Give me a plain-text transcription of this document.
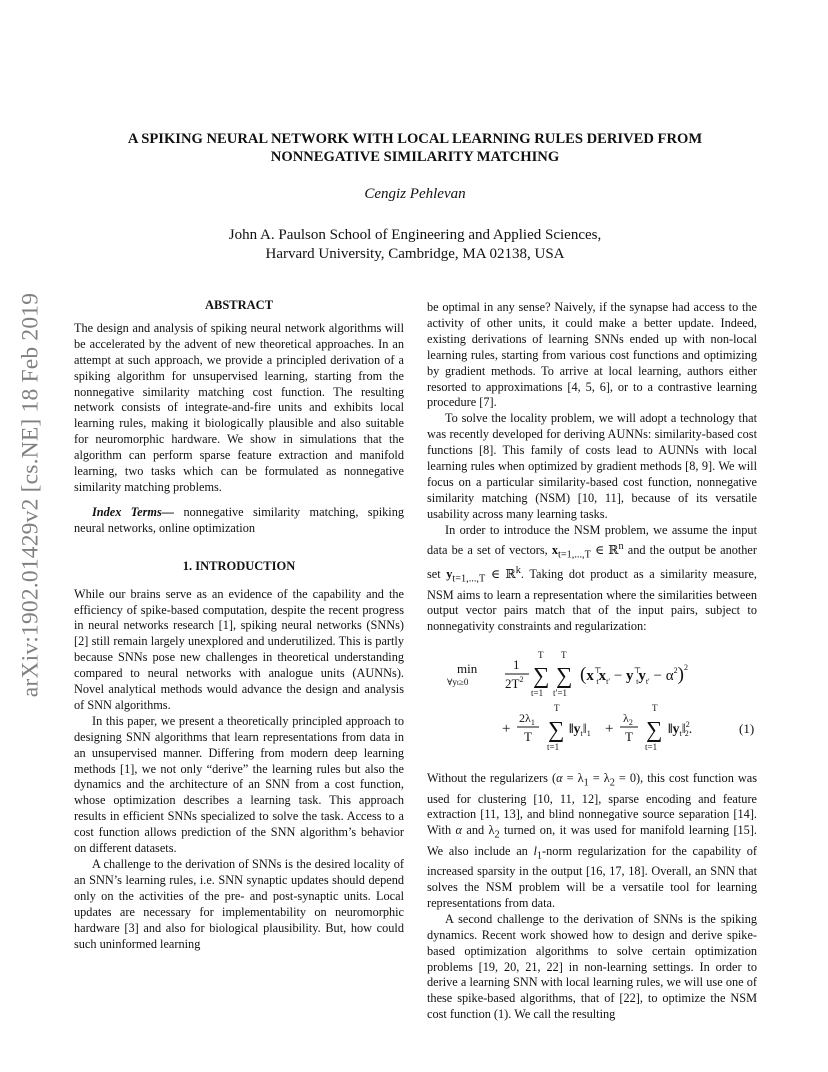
arXiv:1902.01429v2 [cs.NE] 18 Feb 2019
A SPIKING NEURAL NETWORK WITH LOCAL LEARNING RULES DERIVED FROM
NONNEGATIVE SIMILARITY MATCHING
Cengiz Pehlevan
John A. Paulson School of Engineering and Applied Sciences,
Harvard University, Cambridge, MA 02138, USA
ABSTRACT

The design and analysis of spiking neural network algorithms will be accelerated by the advent of new theoretical approaches. In an attempt at such approach, we provide a principled derivation of a spiking algorithm for unsupervised learning, starting from the nonnegative similarity matching cost function. The resulting network consists of integrate-and-fire units and exhibits local learning rules, making it biologically plausible and also suitable for neuromorphic hardware. We show in simulations that the algorithm can perform sparse feature extraction and manifold learning, two tasks which can be formulated as nonnegative similarity matching problems.

Index Terms— nonnegative similarity matching, spiking neural networks, online optimization

1. INTRODUCTION

While our brains serve as an evidence of the capability and the efficiency of spike-based computation, despite the recent progress in neural networks research [1], spiking neural networks (SNNs) [2] still remain largely unexplored and underutilized. This is partly because SNNs pose new challenges in theoretical understanding compared to neural networks with analogue units (AUNNs). Novel analytical methods would advance the design and analysis of SNN algorithms.

In this paper, we present a theoretically principled approach to designing SNN algorithms that learn representations from data in an unsupervised manner. Differing from modern deep learning methods [1], we not only “derive” the learning rules but also the dynamics and the architecture of an SNN from a cost function, whose optimization describes a learning task. This approach results in efficient SNNs specialized to solve the task. Access to a cost function allows prediction of the SNN algorithm’s behavior on different datasets.

A challenge to the derivation of SNNs is the desired locality of an SNN’s learning rules, i.e. SNN synaptic updates should depend only on the activities of the pre- and post-synaptic units. Local updates are necessary for implementability on neuromorphic hardware [3] and also for biological plausibility. But, how could such uninformed learning

be optimal in any sense? Naively, if the synapse had access to the activity of other units, it could make a better update. Indeed, existing derivations of learning SNNs ended up with non-local learning rules, starting from various cost functions and optimizing by gradient methods. To arrive at local learning, authors either resorted to approximations [4, 5, 6], or to a contrastive learning procedure [7].

To solve the locality problem, we will adopt a technology that was recently developed for deriving AUNNs: similarity-based cost functions [8]. This family of costs lead to AUNNs with local learning rules when optimized by gradient methods [8, 9]. We will focus on a particular similarity-based cost function, nonnegative similarity matching (NSM) [10, 11], because of its versatile usability across many learning tasks.

In order to introduce the NSM problem, we assume the input data be a set of vectors, $x_{t=1,...,T}$ ∈ ℝ$^n$ and the output be another set $y_{t=1,...,T}$ ∈ ℝ$^k$. Taking dot product as a similarity measure, NSM aims to learn a representation where the similarities between output vector pairs match that of the input pairs, subject to nonnegativity constraints and regularization:

min
∀yt≥0
1
$2T^2$
T
∑
t=1
T
∑
t′=1
(x⊤ $tx_{t'} - y^⊤$ $ty_{t'} - \alpha^2)^2$
+
$2\lambda_1$
T
T
∑
t=1
$‖y_t‖_1$ +
$\lambda_2$
T
T
∑
t=1
$‖y_t‖^2$ 2.	(1)

Without the regularizers $(\alpha = \lambda_1 = \lambda_2 = 0)$, this cost function was used for clustering [10, 11, 12], sparse encoding and feature extraction [11, 13], and blind nonnegative source separation [14]. With α and $\lambda_2$ turned on, it was used for manifold learning [15]. We also include an $l_1$-norm regularization for the capability of increased sparsity in the output [16, 17, 18]. Overall, an SNN that solves the NSM problem will be a versatile tool for learning representations from data.

A second challenge to the derivation of SNNs is the spiking dynamics. Recent work showed how to design and derive spike-based optimization algorithms to solve certain optimization problems [19, 20, 21, 22] in non-learning settings. In order to derive a learning SNN with local learning rules, we will use one of these spike-based algorithms, that of [22], to optimize the NSM cost function (1). We call the resulting
